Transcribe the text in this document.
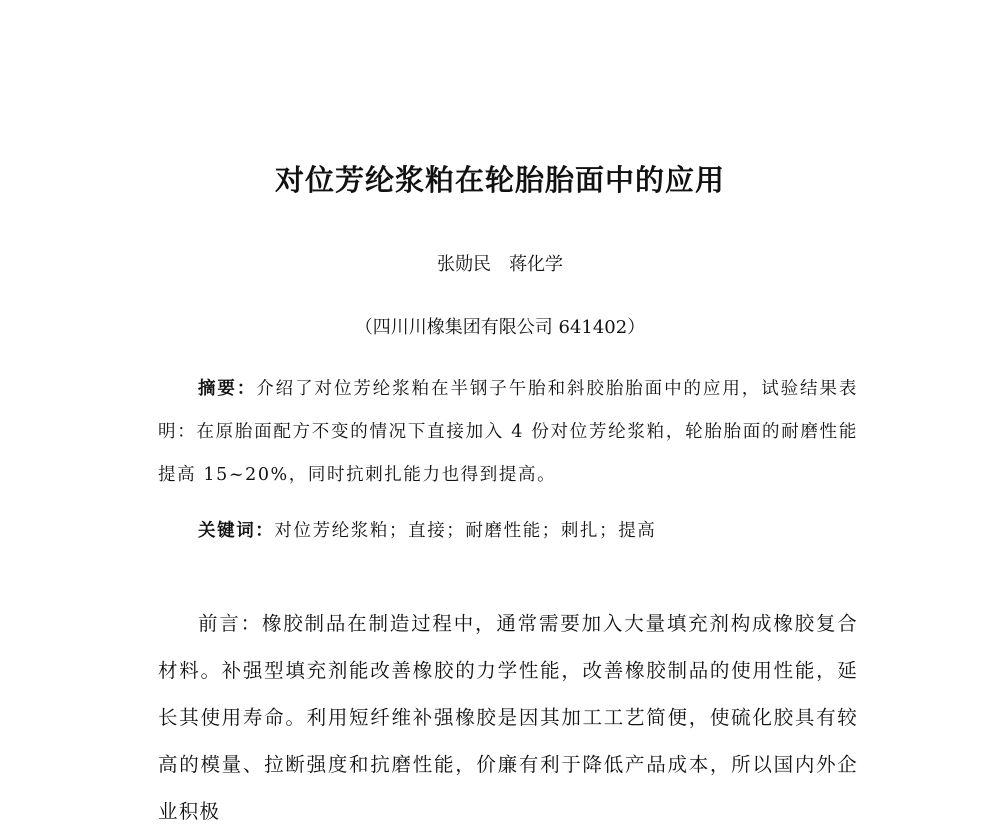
对位芳纶浆粕在轮胎胎面中的应用
张勋民　蒋化学
（四川川橡集团有限公司 641402）

摘要：介绍了对位芳纶浆粕在半钢子午胎和斜胶胎胎面中的应用，试验结果表明：在原胎面配方不变的情况下直接加入 4 份对位芳纶浆粕，轮胎胎面的耐磨性能提高 15~20%，同时抗刺扎能力也得到提高。

关键词：对位芳纶浆粕；直接；耐磨性能；刺扎；提高

前言：橡胶制品在制造过程中，通常需要加入大量填充剂构成橡胶复合材料。补强型填充剂能改善橡胶的力学性能，改善橡胶制品的使用性能，延长其使用寿命。利用短纤维补强橡胶是因其加工工艺简便，使硫化胶具有较高的模量、拉断强度和抗磨性能，价廉有利于降低产品成本，所以国内外企业积极
